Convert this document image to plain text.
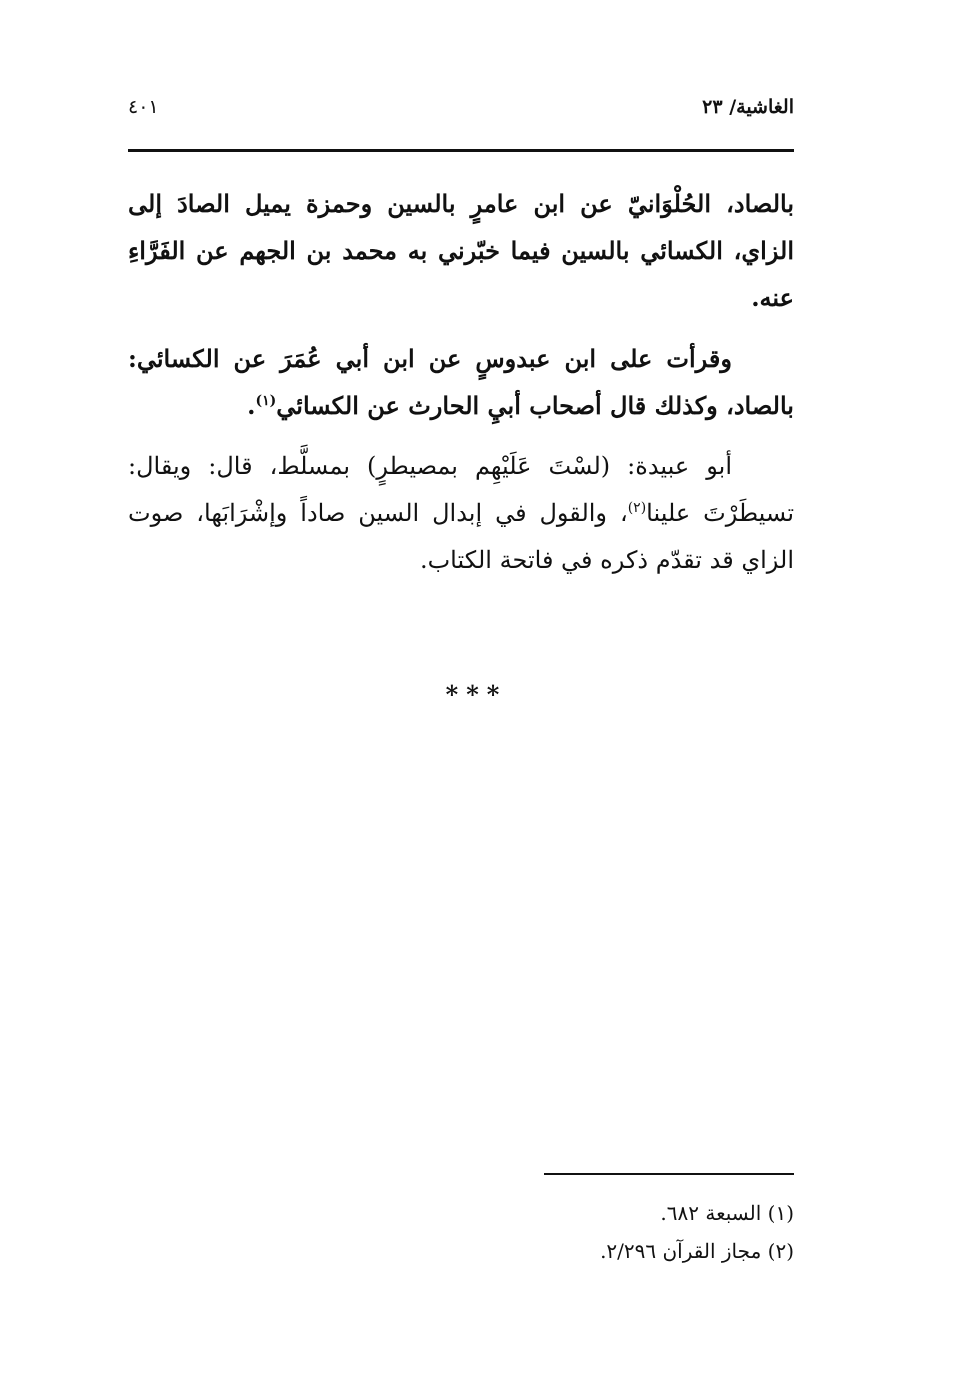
الغاشية/ ٢٣
٤٠١

بالصاد، الحُلْوَانيّ عن ابن عامرٍ بالسين وحمزة يميل الصادَ إلى الزاي، الكسائي بالسين فيما خبّرني به محمد بن الجهم عن الفَرَّاءِ عنه.

وقرأت على ابن عبدوسٍ عن ابن أبي عُمَرَ عن الكسائي: بالصاد، وكذلك قال أصحاب أبيِ الحارث عن الكسائي$^{(١)}$.

أبو عبيدة: (لسْتَ عَلَيْهِم بمصيطرٍ) بمسلَّط، قال: ويقال: تسيطَرْتَ علينا$^{(٢)}$، والقول في إبدال السين صاداً وإشْرَابَها، صوت الزاي قد تقدّم ذكره في فاتحة الكتاب.

***
(١) السبعة ٦٨٢.
(٢) مجاز القرآن ٢/٢٩٦.
